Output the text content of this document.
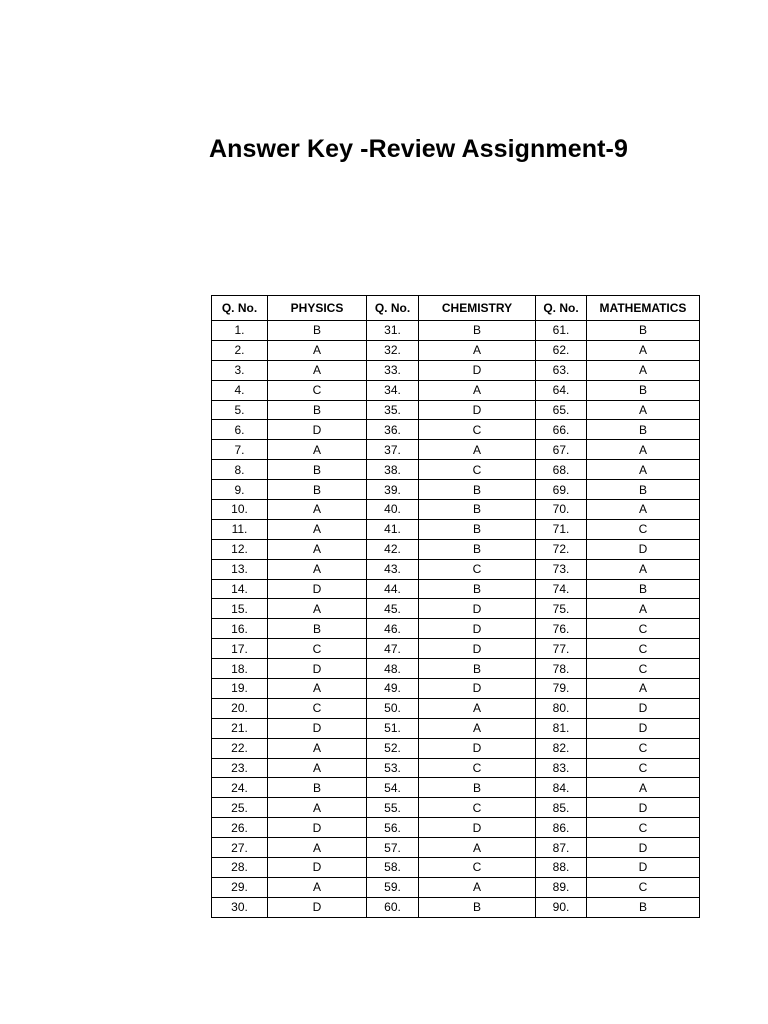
Answer Key -Review Assignment-9
Q. No.	PHYSICS	Q. No.	CHEMISTRY	Q. No.	MATHEMATICS
1.	B	31.	B	61.	B
2.	A	32.	A	62.	A
3.	A	33.	D	63.	A
4.	C	34.	A	64.	B
5.	B	35.	D	65.	A
6.	D	36.	C	66.	B
7.	A	37.	A	67.	A
8.	B	38.	C	68.	A
9.	B	39.	B	69.	B
10.	A	40.	B	70.	A
11.	A	41.	B	71.	C
12.	A	42.	B	72.	D
13.	A	43.	C	73.	A
14.	D	44.	B	74.	B
15.	A	45.	D	75.	A
16.	B	46.	D	76.	C
17.	C	47.	D	77.	C
18.	D	48.	B	78.	C
19.	A	49.	D	79.	A
20.	C	50.	A	80.	D
21.	D	51.	A	81.	D
22.	A	52.	D	82.	C
23.	A	53.	C	83.	C
24.	B	54.	B	84.	A
25.	A	55.	C	85.	D
26.	D	56.	D	86.	C
27.	A	57.	A	87.	D
28.	D	58.	C	88.	D
29.	A	59.	A	89.	C
30.	D	60.	B	90.	B
